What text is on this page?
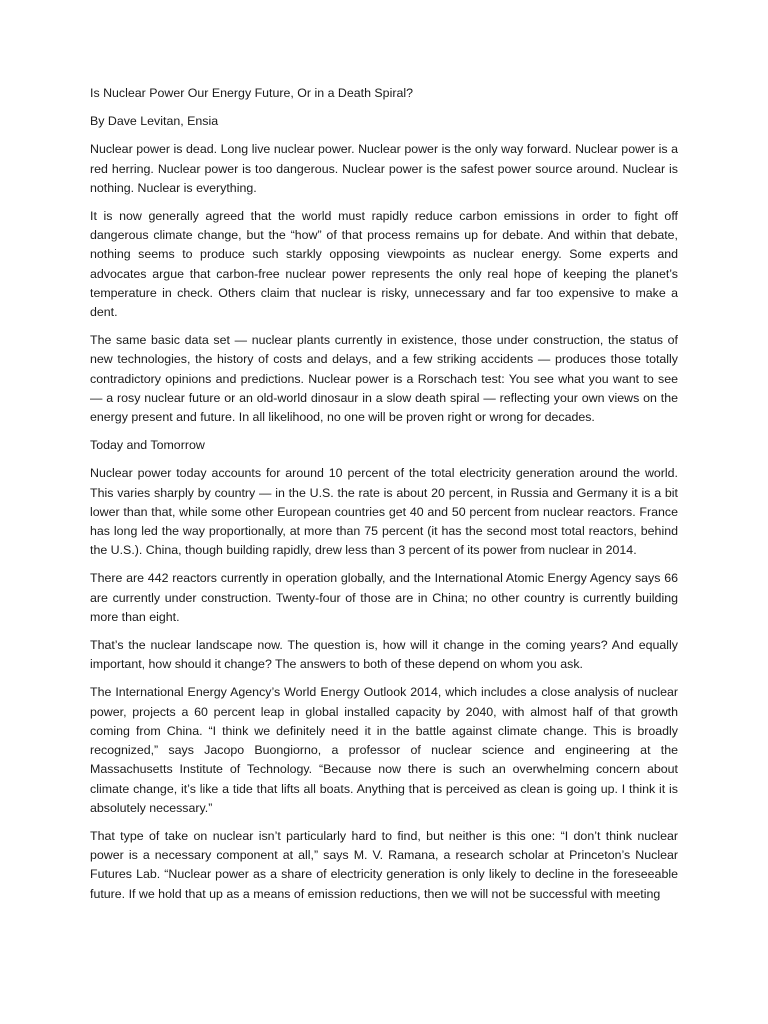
Is Nuclear Power Our Energy Future, Or in a Death Spiral?

By Dave Levitan, Ensia

Nuclear power is dead. Long live nuclear power. Nuclear power is the only way forward. Nuclear power is a red herring. Nuclear power is too dangerous. Nuclear power is the safest power source around. Nuclear is nothing. Nuclear is everything.

It is now generally agreed that the world must rapidly reduce carbon emissions in order to fight off dangerous climate change, but the “how” of that process remains up for debate. And within that debate, nothing seems to produce such starkly opposing viewpoints as nuclear energy. Some experts and advocates argue that carbon-free nuclear power represents the only real hope of keeping the planet’s temperature in check. Others claim that nuclear is risky, unnecessary and far too expensive to make a dent.

The same basic data set — nuclear plants currently in existence, those under construction, the status of new technologies, the history of costs and delays, and a few striking accidents — produces those totally contradictory opinions and predictions. Nuclear power is a Rorschach test: You see what you want to see — a rosy nuclear future or an old-world dinosaur in a slow death spiral — reflecting your own views on the energy present and future. In all likelihood, no one will be proven right or wrong for decades.

Today and Tomorrow

Nuclear power today accounts for around 10 percent of the total electricity generation around the world. This varies sharply by country — in the U.S. the rate is about 20 percent, in Russia and Germany it is a bit lower than that, while some other European countries get 40 and 50 percent from nuclear reactors. France has long led the way proportionally, at more than 75 percent (it has the second most total reactors, behind the U.S.). China, though building rapidly, drew less than 3 percent of its power from nuclear in 2014.

There are 442 reactors currently in operation globally, and the International Atomic Energy Agency says 66 are currently under construction. Twenty-four of those are in China; no other country is currently building more than eight.

That’s the nuclear landscape now. The question is, how will it change in the coming years? And equally important, how should it change? The answers to both of these depend on whom you ask.

The International Energy Agency’s World Energy Outlook 2014, which includes a close analysis of nuclear power, projects a 60 percent leap in global installed capacity by 2040, with almost half of that growth coming from China. “I think we definitely need it in the battle against climate change. This is broadly recognized,” says Jacopo Buongiorno, a professor of nuclear science and engineering at the Massachusetts Institute of Technology. “Because now there is such an overwhelming concern about climate change, it’s like a tide that lifts all boats. Anything that is perceived as clean is going up. I think it is absolutely necessary.”

That type of take on nuclear isn’t particularly hard to find, but neither is this one: “I don’t think nuclear power is a necessary component at all,” says M. V. Ramana, a research scholar at Princeton’s Nuclear Futures Lab. “Nuclear power as a share of electricity generation is only likely to decline in the foreseeable future. If we hold that up as a means of emission reductions, then we will not be successful with meeting
